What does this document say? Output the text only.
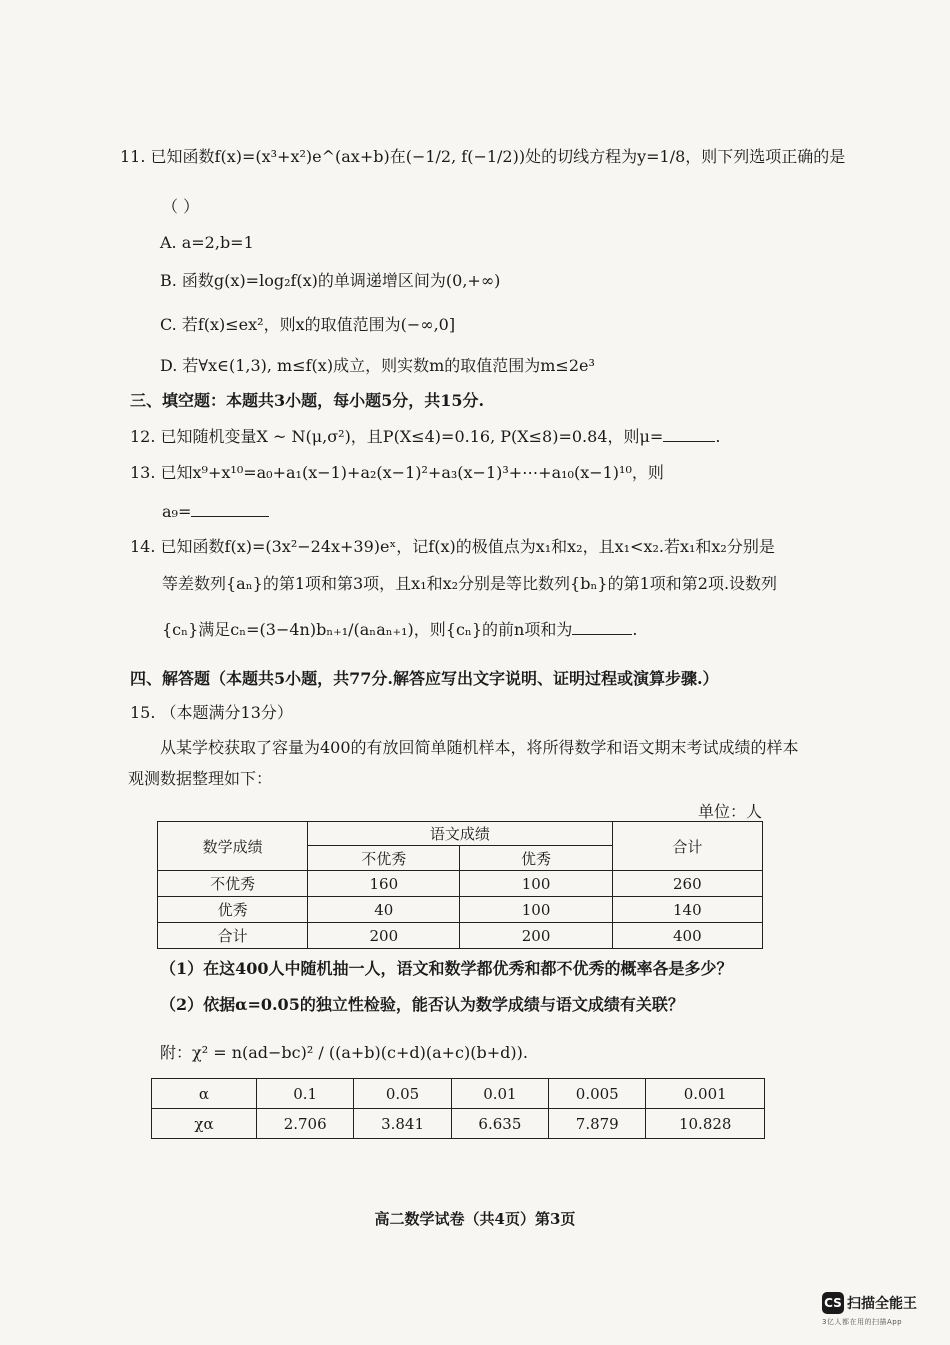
11. 已知函数f(x)=(x³+x²)e^(ax+b)在(−1/2, f(−1/2))处的切线方程为y=1/8，则下列选项正确的是
（ ）
A. a=2,b=1
B. 函数g(x)=log₂f(x)的单调递增区间为(0,+∞)
C. 若f(x)≤ex²，则x的取值范围为(−∞,0]
D. 若∀x∈(1,3), m≤f(x)成立，则实数m的取值范围为m≤2e³
三、填空题：本题共3小题，每小题5分，共15分.
12. 已知随机变量X ~ N(μ,σ²)，且P(X≤4)=0.16, P(X≤8)=0.84，则μ=	.
13. 已知x⁹+x¹⁰=a₀+a₁(x−1)+a₂(x−1)²+a₃(x−1)³+⋯+a₁₀(x−1)¹⁰，则
a₉=
14. 已知函数f(x)=(3x²−24x+39)eˣ，记f(x)的极值点为x₁和x₂，且x₁<x₂.若x₁和x₂分别是
等差数列{aₙ}的第1项和第3项，且x₁和x₂分别是等比数列{bₙ}的第1项和第2项.设数列
{cₙ}满足cₙ=(3−4n)bₙ₊₁/(aₙaₙ₊₁)，则{cₙ}的前n项和为	.
四、解答题（本题共5小题，共77分.解答应写出文字说明、证明过程或演算步骤.）
15. （本题满分13分）
从某学校获取了容量为400的有放回简单随机样本，将所得数学和语文期末考试成绩的样本
观测数据整理如下：
单位：人
数学成绩	语文成绩		合计
	不优秀	优秀	
不优秀	160	100	260
优秀	40	100	140
合计	200	200	400
（1）在这400人中随机抽一人，语文和数学都优秀和都不优秀的概率各是多少？
（2）依据α=0.05的独立性检验，能否认为数学成绩与语文成绩有关联？
附：χ² = n(ad−bc)² / ((a+b)(c+d)(a+c)(b+d)).
α	0.1	0.05	0.01	0.005	0.001
χα	2.706	3.841	6.635	7.879	10.828
高二数学试卷（共4页）第3页
CS 扫描全能王
3亿人都在用的扫描App
